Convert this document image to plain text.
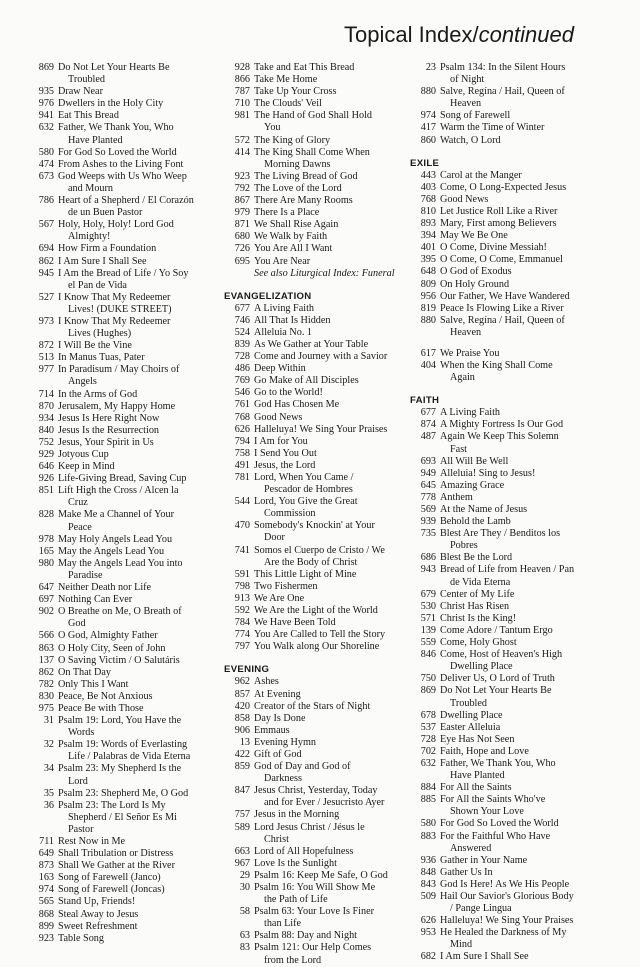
Topical Index/continued
869 Do Not Let Your Hearts Be
Troubled
935 Draw Near
976 Dwellers in the Holy City
941 Eat This Bread
632 Father, We Thank You, Who
Have Planted
580 For God So Loved the World
474 From Ashes to the Living Font
673 God Weeps with Us Who Weep
and Mourn
786 Heart of a Shepherd / El Corazón
de un Buen Pastor
567 Holy, Holy, Holy! Lord God
Almighty!
694 How Firm a Foundation
862 I Am Sure I Shall See
945 I Am the Bread of Life / Yo Soy
el Pan de Vida
527 I Know That My Redeemer
Lives! (DUKE STREET)
973 I Know That My Redeemer
Lives (Hughes)
872 I Will Be the Vine
513 In Manus Tuas, Pater
977 In Paradisum / May Choirs of
Angels
714 In the Arms of God
870 Jerusalem, My Happy Home
934 Jesus Is Here Right Now
840 Jesus Is the Resurrection
752 Jesus, Your Spirit in Us
929 Jotyous Cup
646 Keep in Mind
926 Life-Giving Bread, Saving Cup
851 Lift High the Cross / Alcen la
Cruz
828 Make Me a Channel of Your
Peace
978 May Holy Angels Lead You
165 May the Angels Lead You
980 May the Angels Lead You into
Paradise
647 Neither Death nor Life
697 Nothing Can Ever
902 O Breathe on Me, O Breath of
God
566 O God, Almighty Father
863 O Holy City, Seen of John
137 O Saving Victim / O Salutáris
862 On That Day
782 Only This I Want
830 Peace, Be Not Anxious
975 Peace Be with Those
31 Psalm 19: Lord, You Have the
Words
32 Psalm 19: Words of Everlasting
Life / Palabras de Vida Eterna
34 Psalm 23: My Shepherd Is the
Lord
35 Psalm 23: Shepherd Me, O God
36 Psalm 23: The Lord Is My
Shepherd / El Señor Es Mi
Pastor
711 Rest Now in Me
649 Shall Tribulation or Distress
873 Shall We Gather at the River
163 Song of Farewell (Janco)
974 Song of Farewell (Joncas)
565 Stand Up, Friends!
868 Steal Away to Jesus
899 Sweet Refreshment
923 Table Song
928 Take and Eat This Bread
866 Take Me Home
787 Take Up Your Cross
710 The Clouds' Veil
981 The Hand of God Shall Hold
You
572 The King of Glory
414 The King Shall Come When
Morning Dawns
923 The Living Bread of God
792 The Love of the Lord
867 There Are Many Rooms
979 There Is a Place
871 We Shall Rise Again
680 We Walk by Faith
726 You Are All I Want
695 You Are Near
See also Liturgical Index: Funeral
EVANGELIZATION
677 A Living Faith
746 All That Is Hidden
524 Alleluia No. 1
839 As We Gather at Your Table
728 Come and Journey with a Savior
486 Deep Within
769 Go Make of All Disciples
546 Go to the World!
761 God Has Chosen Me
768 Good News
626 Halleluya! We Sing Your Praises
794 I Am for You
758 I Send You Out
491 Jesus, the Lord
781 Lord, When You Came /
Pescador de Hombres
544 Lord, You Give the Great
Commission
470 Somebody's Knockin' at Your
Door
741 Somos el Cuerpo de Cristo / We
Are the Body of Christ
591 This Little Light of Mine
798 Two Fishermen
913 We Are One
592 We Are the Light of the World
784 We Have Been Told
774 You Are Called to Tell the Story
797 You Walk along Our Shoreline
EVENING
962 Ashes
857 At Evening
420 Creator of the Stars of Night
858 Day Is Done
906 Emmaus
13 Evening Hymn
422 Gift of God
859 God of Day and God of
Darkness
847 Jesus Christ, Yesterday, Today
and for Ever / Jesucristo Ayer
757 Jesus in the Morning
589 Lord Jesus Christ / Jésus le
Christ
663 Lord of All Hopefulness
967 Love Is the Sunlight
29 Psalm 16: Keep Me Safe, O God
30 Psalm 16: You Will Show Me
the Path of Life
58 Psalm 63: Your Love Is Finer
than Life
63 Psalm 88: Day and Night
83 Psalm 121: Our Help Comes
from the Lord
23 Psalm 134: In the Silent Hours
of Night
880 Salve, Regína / Hail, Queen of
Heaven
974 Song of Farewell
417 Warm the Time of Winter
860 Watch, O Lord
EXILE
443 Carol at the Manger
403 Come, O Long-Expected Jesus
768 Good News
810 Let Justice Roll Like a River
893 Mary, First among Believers
394 May We Be One
401 O Come, Divine Messiah!
395 O Come, O Come, Emmanuel
648 O God of Exodus
809 On Holy Ground
956 Our Father, We Have Wandered
819 Peace Is Flowing Like a River
880 Salve, Regína / Hail, Queen of
Heaven
617 We Praise You
404 When the King Shall Come
Again
FAITH
677 A Living Faith
874 A Mighty Fortress Is Our God
487 Again We Keep This Solemn
Fast
693 All Will Be Well
949 Alleluia! Sing to Jesus!
645 Amazing Grace
778 Anthem
569 At the Name of Jesus
939 Behold the Lamb
735 Blest Are They / Benditos los
Pobres
686 Blest Be the Lord
943 Bread of Life from Heaven / Pan
de Vida Eterna
679 Center of My Life
530 Christ Has Risen
571 Christ Is the King!
139 Come Adore / Tantum Ergo
559 Come, Holy Ghost
846 Come, Host of Heaven's High
Dwelling Place
750 Deliver Us, O Lord of Truth
869 Do Not Let Your Hearts Be
Troubled
678 Dwelling Place
537 Easter Alleluia
728 Eye Has Not Seen
702 Faith, Hope and Love
632 Father, We Thank You, Who
Have Planted
884 For All the Saints
885 For All the Saints Who've
Shown Your Love
580 For God So Loved the World
883 For the Faithful Who Have
Answered
936 Gather in Your Name
848 Gather Us In
843 God Is Here! As We His People
509 Hail Our Savior's Glorious Body
/ Pange Lingua
626 Halleluya! We Sing Your Praises
953 He Healed the Darkness of My
Mind
682 I Am Sure I Shall See
